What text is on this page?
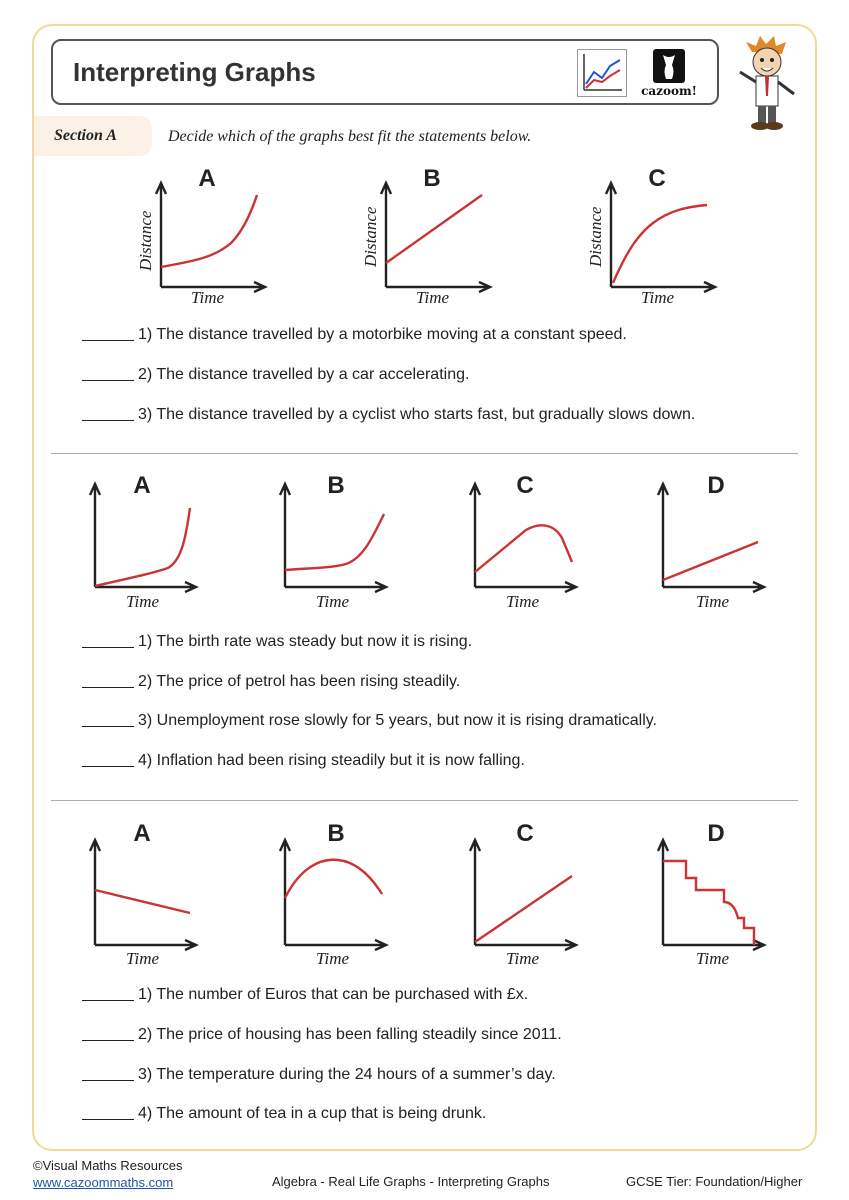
Interpreting Graphs
cazoom!
Section A	Decide which of the graphs best fit the statements below.
A
Time
Distance
B
Time
Distance
C
Time
Distance
1) The distance travelled by a motorbike moving at a constant speed.
2) The distance travelled by a car accelerating.
3) The distance travelled by a cyclist who starts fast, but gradually slows down.
A
Time
B
Time
C
Time
D
Time
1) The birth rate was steady but now it is rising.
2) The price of petrol has been rising steadily.
3) Unemployment rose slowly for 5 years, but now it is rising dramatically.
4) Inflation had been rising steadily but it is now falling.
A
Time
B
Time
C
Time
D
Time
1) The number of Euros that can be purchased with £x.
2) The price of housing has been falling steadily since 2011.
3) The temperature during the 24 hours of a summer’s day.
4) The amount of tea in a cup that is being drunk.
©Visual Maths Resources
www.cazoommaths.com	Algebra - Real Life Graphs - Interpreting Graphs	GCSE Tier: Foundation/Higher
